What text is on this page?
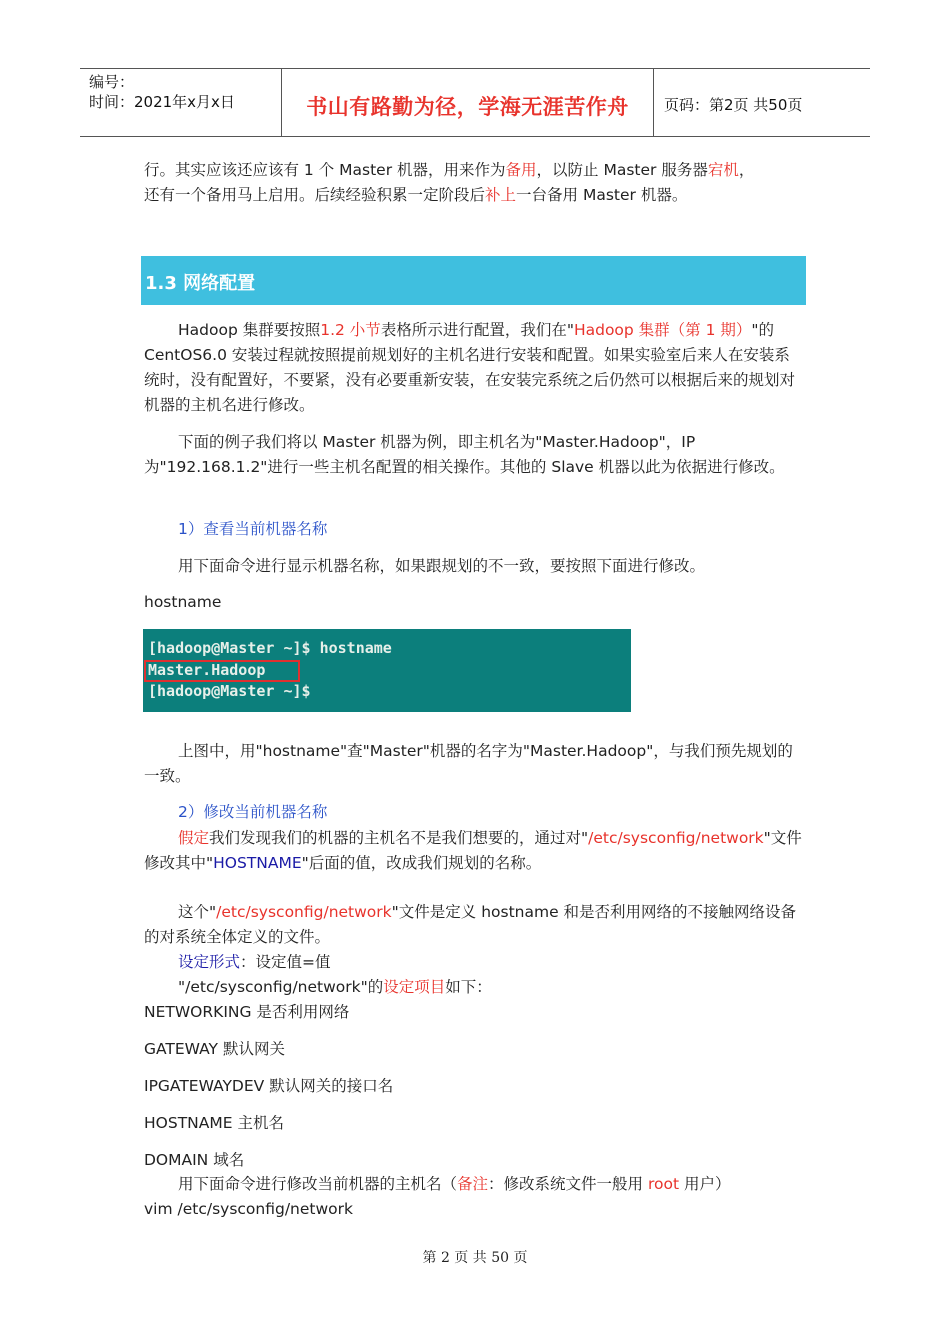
编号：
时间：2021年x月x日	书山有路勤为径，学海无涯苦作舟	页码：第2页 共50页

行。其实应该还应该有 1 个 Master 机器，用来作为备用，以防止 Master 服务器宕机，
还有一个备用马上启用。后续经验积累一定阶段后补上一台备用 Master 机器。

1.3 网络配置

Hadoop 集群要按照1.2 小节表格所示进行配置，我们在"Hadoop 集群（第 1 期）"的 CentOS6.0 安装过程就按照提前规划好的主机名进行安装和配置。如果实验室后来人在安装系统时，没有配置好，不要紧，没有必要重新安装，在安装完系统之后仍然可以根据后来的规划对机器的主机名进行修改。

下面的例子我们将以 Master 机器为例，即主机名为"Master.Hadoop"，IP 为"192.168.1.2"进行一些主机名配置的相关操作。其他的 Slave 机器以此为依据进行修改。

1）查看当前机器名称

用下面命令进行显示机器名称，如果跟规划的不一致，要按照下面进行修改。

hostname

[hadoop@Master ~]$ hostname
Master.Hadoop
[hadoop@Master ~]$

上图中，用"hostname"查"Master"机器的名字为"Master.Hadoop"，与我们预先规划的一致。

2）修改当前机器名称

假定我们发现我们的机器的主机名不是我们想要的，通过对"/etc/sysconfig/network"文件修改其中"HOSTNAME"后面的值，改成我们规划的名称。

这个"/etc/sysconfig/network"文件是定义 hostname 和是否利用网络的不接触网络设备的对系统全体定义的文件。

设定形式：设定值=值

"/etc/sysconfig/network"的设定项目如下：

NETWORKING 是否利用网络

GATEWAY 默认网关

IPGATEWAYDEV 默认网关的接口名

HOSTNAME 主机名

DOMAIN 域名

用下面命令进行修改当前机器的主机名（备注：修改系统文件一般用 root 用户）

vim /etc/sysconfig/network

第 2 页 共 50 页
